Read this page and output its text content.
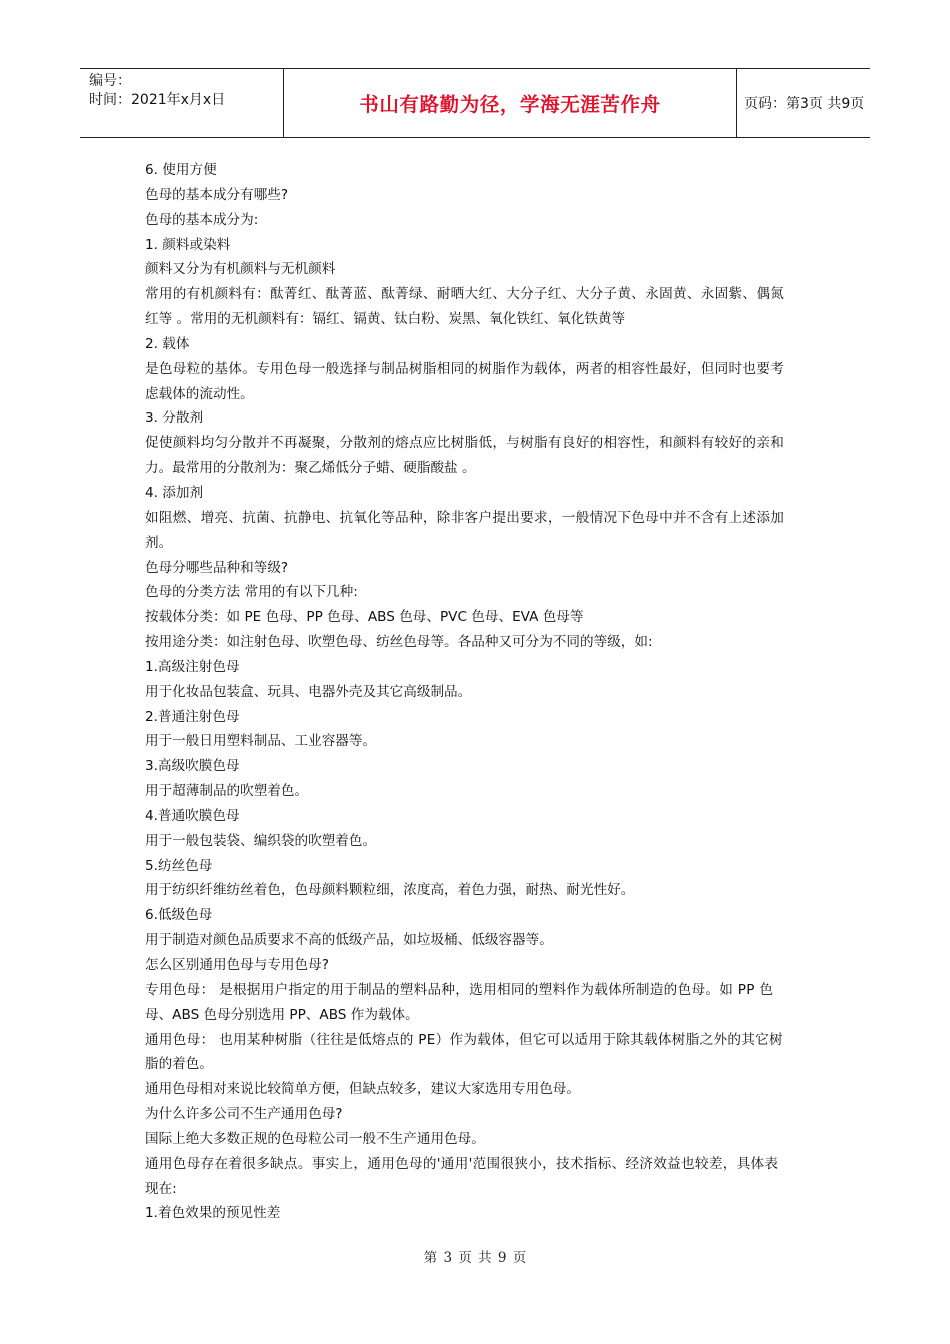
编号：
时间：2021年x月x日	书山有路勤为径，学海无涯苦作舟	页码：第3页 共9页

6. 使用方便

色母的基本成分有哪些?

色母的基本成分为:

1. 颜料或染料

颜料又分为有机颜料与无机颜料

常用的有机颜料有：酞菁红、酞菁蓝、酞菁绿、耐晒大红、大分子红、大分子黄、永固黄、永固紫、偶氮

红等 。常用的无机颜料有：镉红、镉黄、钛白粉、炭黑、氧化铁红、氧化铁黄等

2. 载体

是色母粒的基体。专用色母一般选择与制品树脂相同的树脂作为载体，两者的相容性最好，但同时也要考

虑载体的流动性。

3. 分散剂

促使颜料均匀分散并不再凝聚，分散剂的熔点应比树脂低，与树脂有良好的相容性，和颜料有较好的亲和

力。最常用的分散剂为：聚乙烯低分子蜡、硬脂酸盐 。

4. 添加剂

如阻燃、增亮、抗菌、抗静电、抗氧化等品种，除非客户提出要求，一般情况下色母中并不含有上述添加

剂。

色母分哪些品种和等级?

色母的分类方法 常用的有以下几种:

按载体分类：如 PE 色母、PP 色母、ABS 色母、PVC 色母、EVA 色母等

按用途分类：如注射色母、吹塑色母、纺丝色母等。各品种又可分为不同的等级，如:

1.高级注射色母

用于化妆品包装盒、玩具、电器外壳及其它高级制品。

2.普通注射色母

用于一般日用塑料制品、工业容器等。

3.高级吹膜色母

用于超薄制品的吹塑着色。

4.普通吹膜色母

用于一般包装袋、编织袋的吹塑着色。

5.纺丝色母

用于纺织纤维纺丝着色，色母颜料颗粒细，浓度高，着色力强，耐热、耐光性好。

6.低级色母

用于制造对颜色品质要求不高的低级产品，如垃圾桶、低级容器等。

怎么区别通用色母与专用色母?

专用色母： 是根据用户指定的用于制品的塑料品种，选用相同的塑料作为载体所制造的色母。如 PP 色

母、ABS 色母分别选用 PP、ABS 作为载体。

通用色母： 也用某种树脂（往往是低熔点的 PE）作为载体，但它可以适用于除其载体树脂之外的其它树

脂的着色。

通用色母相对来说比较简单方便，但缺点较多，建议大家选用专用色母。

为什么许多公司不生产通用色母?

国际上绝大多数正规的色母粒公司一般不生产通用色母。

通用色母存在着很多缺点。事实上，通用色母的'通用'范围很狭小，技术指标、经济效益也较差，具体表

现在:

1.着色效果的预见性差

第 3 页 共 9 页
